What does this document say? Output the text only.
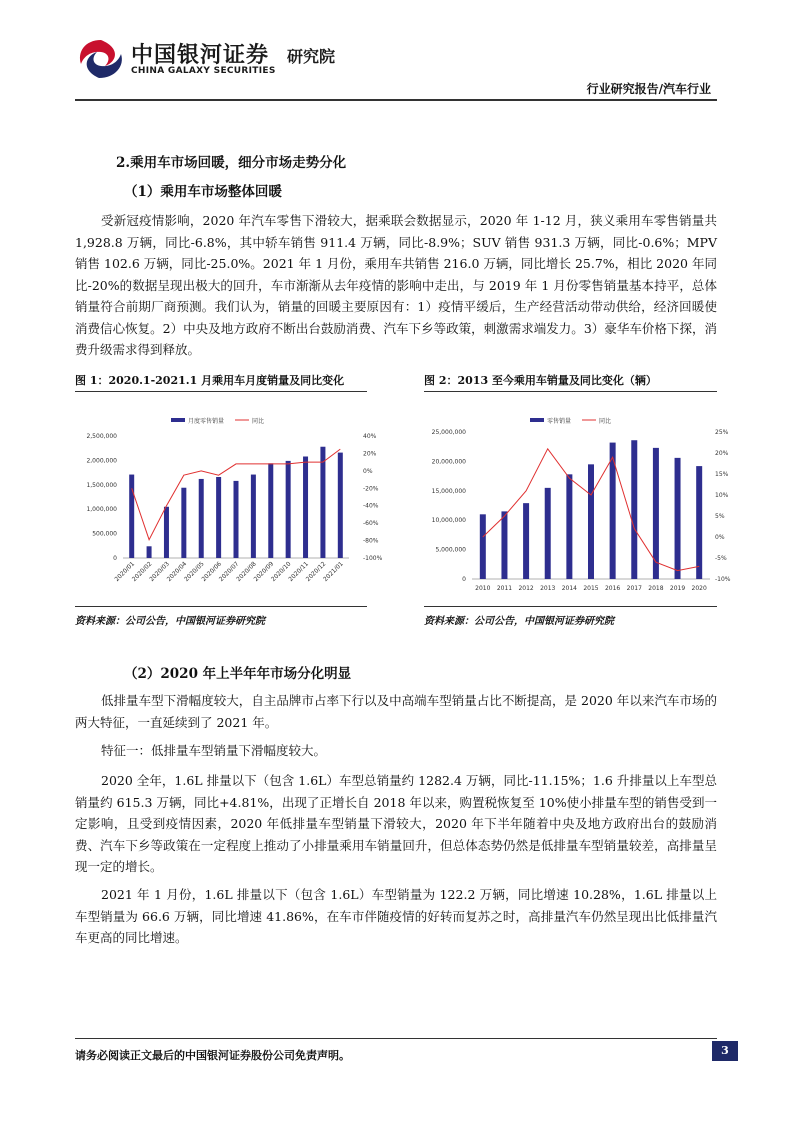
中国银河证券
CHINA GALAXY SECURITIES
研究院
行业研究报告/汽车行业
2.乘用车市场回暖，细分市场走势分化
（1）乘用车市场整体回暖
受新冠疫情影响，2020 年汽车零售下滑较大，据乘联会数据显示，2020 年 1-12 月，狭义乘用车零售销量共 1,928.8 万辆，同比-6.8%，其中轿车销售 911.4 万辆，同比-8.9%；SUV 销售 931.3 万辆，同比-0.6%；MPV 销售 102.6 万辆，同比-25.0%。2021 年 1 月份，乘用车共销售 216.0 万辆，同比增长 25.7%，相比 2020 年同比-20%的数据呈现出极大的回升，车市渐渐从去年疫情的影响中走出，与 2019 年 1 月份零售销量基本持平，总体销量符合前期厂商预测。我们认为，销量的回暖主要原因有：1）疫情平缓后，生产经营活动带动供给，经济回暖使消费信心恢复。2）中央及地方政府不断出台鼓励消费、汽车下乡等政策，刺激需求端发力。3）豪华车价格下探，消费升级需求得到释放。
图 1：2020.1-2021.1 月乘用车月度销量及同比变化	图 2：2013 至今乘用车销量及同比变化（辆）
月度零售销量	同比
2,500,000
2,000,000
1,500,000
1,000,000
500,000
0
40%
20%
0%
-20%
-40%
-60%
-80%
-100%
2020/01
2020/02
2020/03
2020/04
2020/05
2020/06
2020/07
2020/08
2020/09
2020/10
2020/11
2020/12
2021/01
零售销量	同比
25,000,000
20,000,000
15,000,000
10,000,000
5,000,000
0
25%
20%
15%
10%
5%
0%
-5%
-10%
2010 2011 2012 2013 2014 2015 2016 2017 2018 2019 2020
资料来源：公司公告，中国银河证券研究院	资料来源：公司公告，中国银河证券研究院
（2）2020 年上半年年市场分化明显
低排量车型下滑幅度较大，自主品牌市占率下行以及中高端车型销量占比不断提高，是 2020 年以来汽车市场的两大特征，一直延续到了 2021 年。
特征一：低排量车型销量下滑幅度较大。
2020 全年，1.6L 排量以下（包含 1.6L）车型总销量约 1282.4 万辆，同比-11.15%；1.6 升排量以上车型总销量约 615.3 万辆，同比+4.81%，出现了正增长自 2018 年以来，购置税恢复至 10%使小排量车型的销售受到一定影响，且受到疫情因素，2020 年低排量车型销量下滑较大，2020 年下半年随着中央及地方政府出台的鼓励消费、汽车下乡等政策在一定程度上推动了小排量乘用车销量回升，但总体态势仍然是低排量车型销量较差，高排量呈现一定的增长。
2021 年 1 月份，1.6L 排量以下（包含 1.6L）车型销量为 122.2 万辆，同比增速 10.28%，1.6L 排量以上车型销量为 66.6 万辆，同比增速 41.86%，在车市伴随疫情的好转而复苏之时，高排量汽车仍然呈现出比低排量汽车更高的同比增速。
请务必阅读正文最后的中国银河证券股份公司免责声明。	3
